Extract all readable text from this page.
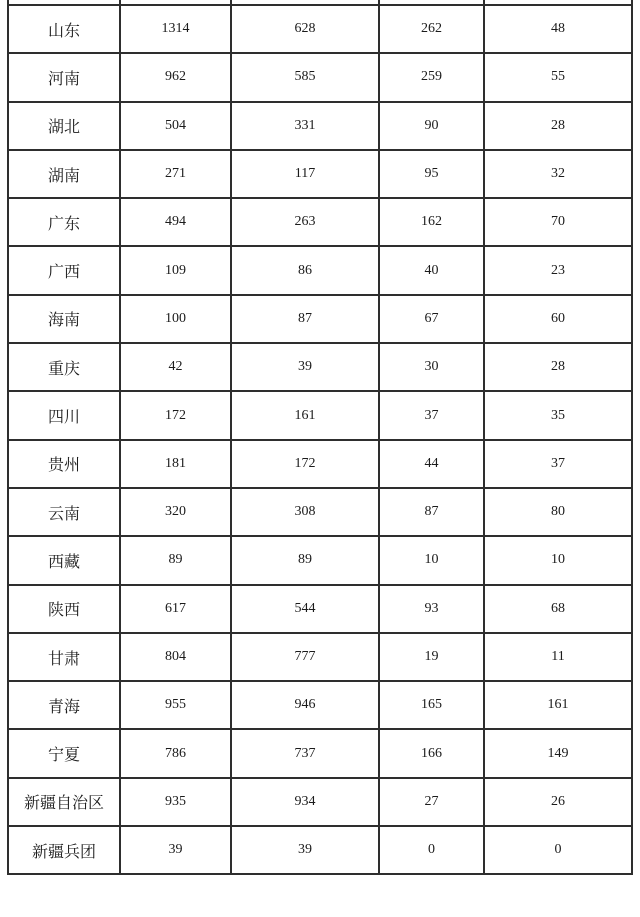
山东	1314	628	262	48
河南	962	585	259	55
湖北	504	331	90	28
湖南	271	117	95	32
广东	494	263	162	70
广西	109	86	40	23
海南	100	87	67	60
重庆	42	39	30	28
四川	172	161	37	35
贵州	181	172	44	37
云南	320	308	87	80
西藏	89	89	10	10
陕西	617	544	93	68
甘肃	804	777	19	11
青海	955	946	165	161
宁夏	786	737	166	149
新疆自治区	935	934	27	26
新疆兵团	39	39	0	0
